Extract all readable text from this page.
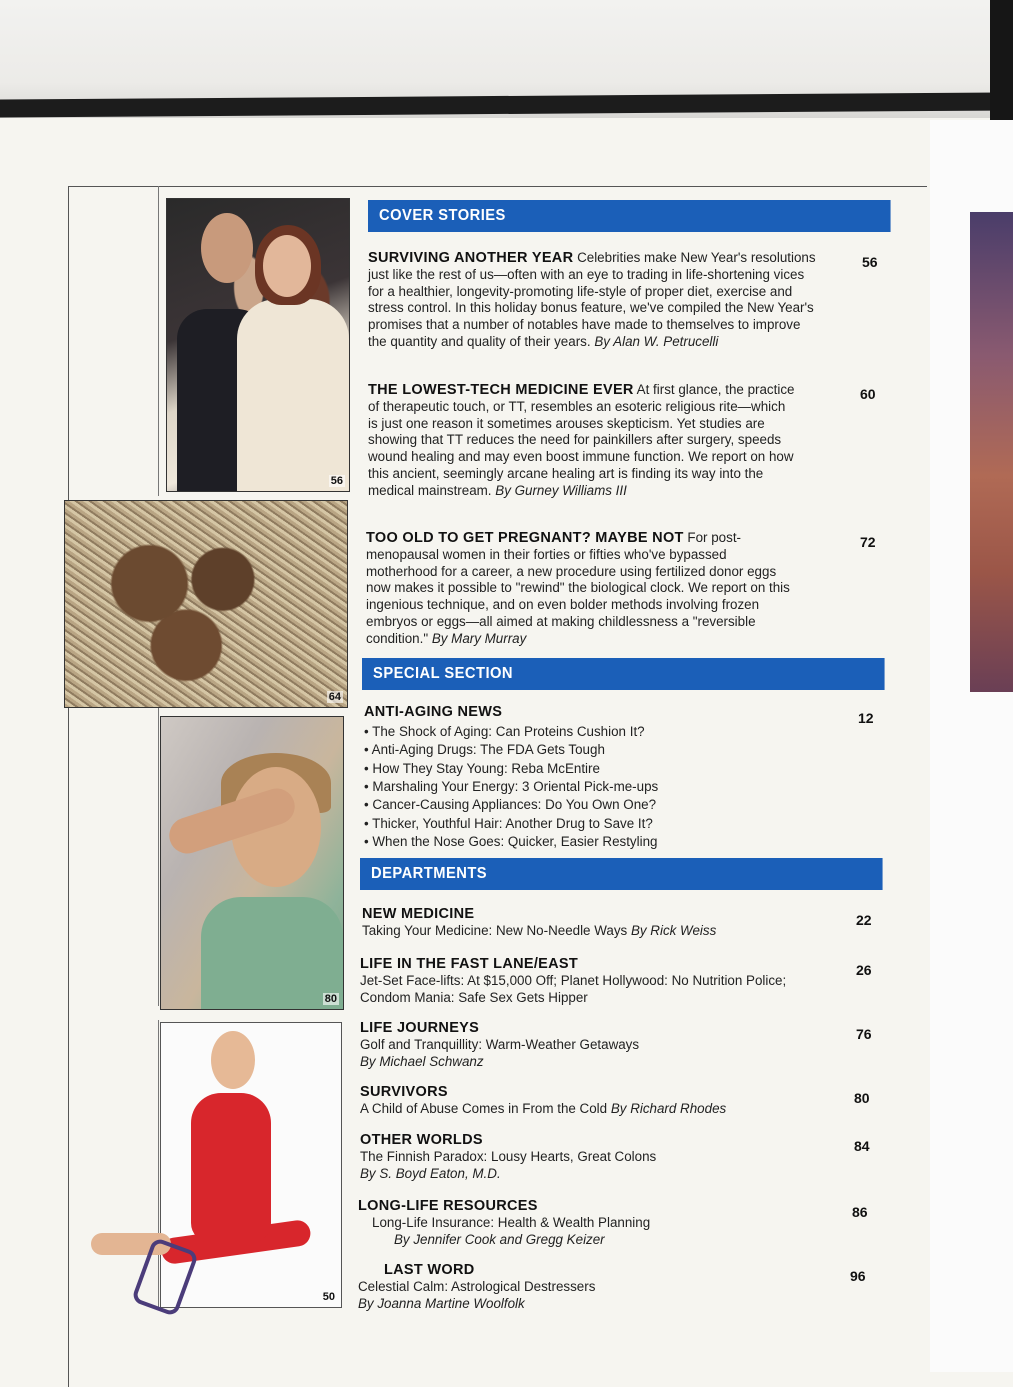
56
64
80
50
COVER STORIES
SURVIVING ANOTHER YEAR Celebrities make New Year's resolutions just like the rest of us—often with an eye to trading in life-shortening vices for a healthier, longevity-promoting life-style of proper diet, exercise and stress control. In this holiday bonus feature, we've compiled the New Year's promises that a number of notables have made to themselves to improve the quantity and quality of their years. By Alan W. Petrucelli
56
THE LOWEST-TECH MEDICINE EVER At first glance, the practice of therapeutic touch, or TT, resembles an esoteric religious rite—which is just one reason it sometimes arouses skepticism. Yet studies are showing that TT reduces the need for painkillers after surgery, speeds wound healing and may even boost immune function. We report on how this ancient, seemingly arcane healing art is finding its way into the medical mainstream. By Gurney Williams III
60
TOO OLD TO GET PREGNANT? MAYBE NOT For post-menopausal women in their forties or fifties who've bypassed motherhood for a career, a new procedure using fertilized donor eggs now makes it possible to "rewind" the biological clock. We report on this ingenious technique, and on even bolder methods involving frozen embryos or eggs—all aimed at making childlessness a "reversible condition." By Mary Murray
72
SPECIAL SECTION
ANTI-AGING NEWS
• The Shock of Aging: Can Proteins Cushion It?
• Anti-Aging Drugs: The FDA Gets Tough
• How They Stay Young: Reba McEntire
• Marshaling Your Energy: 3 Oriental Pick-me-ups
• Cancer-Causing Appliances: Do You Own One?
• Thicker, Youthful Hair: Another Drug to Save It?
• When the Nose Goes: Quicker, Easier Restyling
12
DEPARTMENTS
NEW MEDICINE
Taking Your Medicine: New No-Needle Ways By Rick Weiss
22
LIFE IN THE FAST LANE/EAST
Jet-Set Face-lifts: At $15,000 Off; Planet Hollywood: No Nutrition Police; Condom Mania: Safe Sex Gets Hipper
26
LIFE JOURNEYS
Golf and Tranquillity: Warm-Weather Getaways
By Michael Schwanz
76
SURVIVORS
A Child of Abuse Comes in From the Cold By Richard Rhodes
80
OTHER WORLDS
The Finnish Paradox: Lousy Hearts, Great Colons
By S. Boyd Eaton, M.D.
84
LONG-LIFE RESOURCES
Long-Life Insurance: Health & Wealth Planning
By Jennifer Cook and Gregg Keizer
86
LAST WORD
Celestial Calm: Astrological Destressers
By Joanna Martine Woolfolk
96
